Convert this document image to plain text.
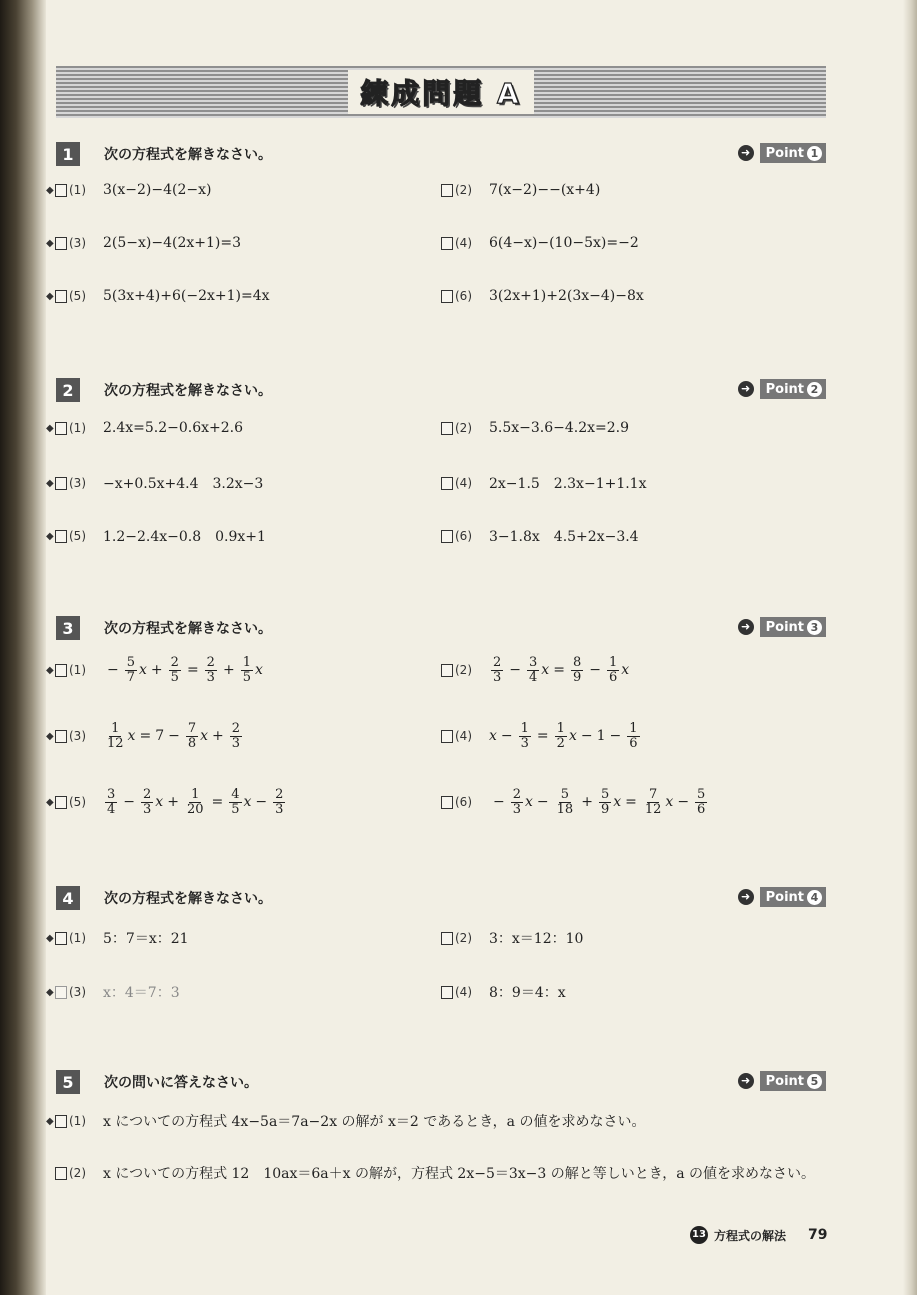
練成問題 A
1	次の方程式を解きなさい。	➜ Point 1
◆ (1)	3(x−2)−4(2−x)	(2)	7(x−2)−−(x+4)
◆ (3)	2(5−x)−4(2x+1)=3	(4)	6(4−x)−(10−5x)=−2
◆ (5)	5(3x+4)+6(−2x+1)=4x	(6)	3(2x+1)+2(3x−4)−8x
2	次の方程式を解きなさい。	➜ Point 2
◆ (1)	2.4x=5.2−0.6x+2.6	(2)	5.5x−3.6−4.2x=2.9
◆ (3)	−x+0.5x+4.4　3.2x−3	(4)	2x−1.5　2.3x−1+1.1x
◆ (5)	1.2−2.4x−0.8　0.9x+1	(6)	3−1.8x　4.5+2x−3.4
3	次の方程式を解きなさい。	➜ Point 3
◆ (1)	− $\frac{5}{7}$ $x + \frac{2}{5} = \frac{2}{3} + \frac{1}{5}$ x	(2)	$\frac{2}{3} - \frac{3}{4}$ $x = \frac{8}{9} - \frac{1}{6}$ x
◆ (3)	$\frac{1}{12}$ $x = 7 - \frac{7}{8}$ $x + \frac{2}{3}$	(4)	$x - \frac{1}{3} = \frac{1}{2}$ $x - 1 - \frac{1}{6}$
◆ (5)	$\frac{3}{4} - \frac{2}{3}$ $x + \frac{1}{20} = \frac{4}{5}$ $x - \frac{2}{3}$	(6)	− $\frac{2}{3}$ $x - \frac{5}{18} + \frac{5}{9}$ $x = \frac{7}{12}$ $x - \frac{5}{6}$
4	次の方程式を解きなさい。	➜ Point 4
◆ (1)	5：7＝x：21	(2)	3：x＝12：10
◆ (3)	x：4＝7：3	(4)	8：9＝4：x
5	次の問いに答えなさい。	➜ Point 5
◆ (1)	x についての方程式 4x−5a＝7a−2x の解が x＝2 であるとき，a の値を求めなさい。
(2)	x についての方程式 12　10ax＝6a＋x の解が，方程式 2x−5＝3x−3 の解と等しいとき，a の値を求めなさい。
13 方程式の解法 79
